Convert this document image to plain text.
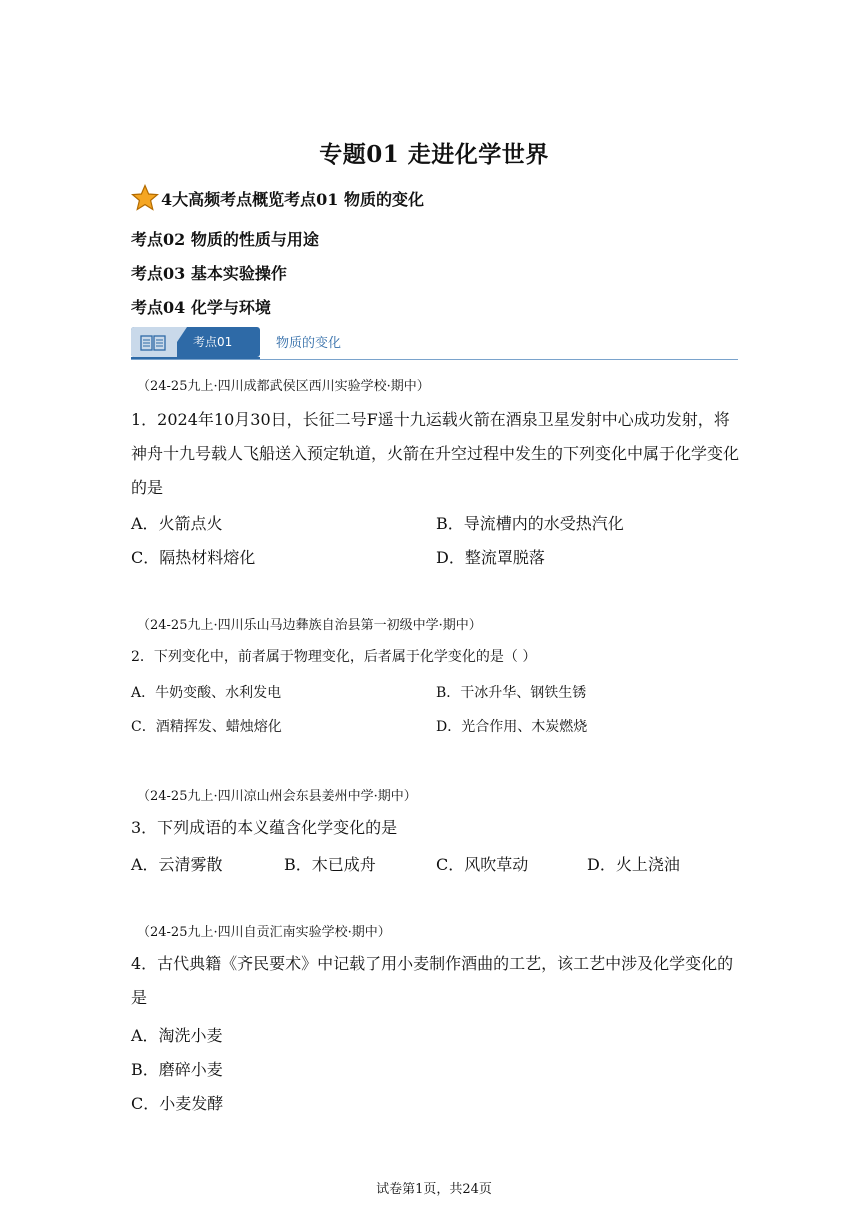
专题01 走进化学世界
4大高频考点概览考点01 物质的变化
考点02 物质的性质与用途
考点03 基本实验操作
考点04 化学与环境
考点01	物质的变化
（24-25九上·四川成都武侯区西川实验学校·期中）
1．2024年10月30日，长征二号F遥十九运载火箭在酒泉卫星发射中心成功发射，将神舟十九号载人飞船送入预定轨道，火箭在升空过程中发生的下列变化中属于化学变化的是
A．火箭点火	B．导流槽内的水受热汽化
C．隔热材料熔化	D．整流罩脱落
（24-25九上·四川乐山马边彝族自治县第一初级中学·期中）
2．下列变化中，前者属于物理变化，后者属于化学变化的是（ ）
A．牛奶变酸、水利发电	B．干冰升华、钢铁生锈
C．酒精挥发、蜡烛熔化	D．光合作用、木炭燃烧
（24-25九上·四川凉山州会东县姜州中学·期中）
3．下列成语的本义蕴含化学变化的是
A．云清雾散	B．木已成舟	C．风吹草动	D．火上浇油
（24-25九上·四川自贡汇南实验学校·期中）
4．古代典籍《齐民要术》中记载了用小麦制作酒曲的工艺，该工艺中涉及化学变化的是
A．淘洗小麦
B．磨碎小麦
C．小麦发酵
试卷第1页，共24页
